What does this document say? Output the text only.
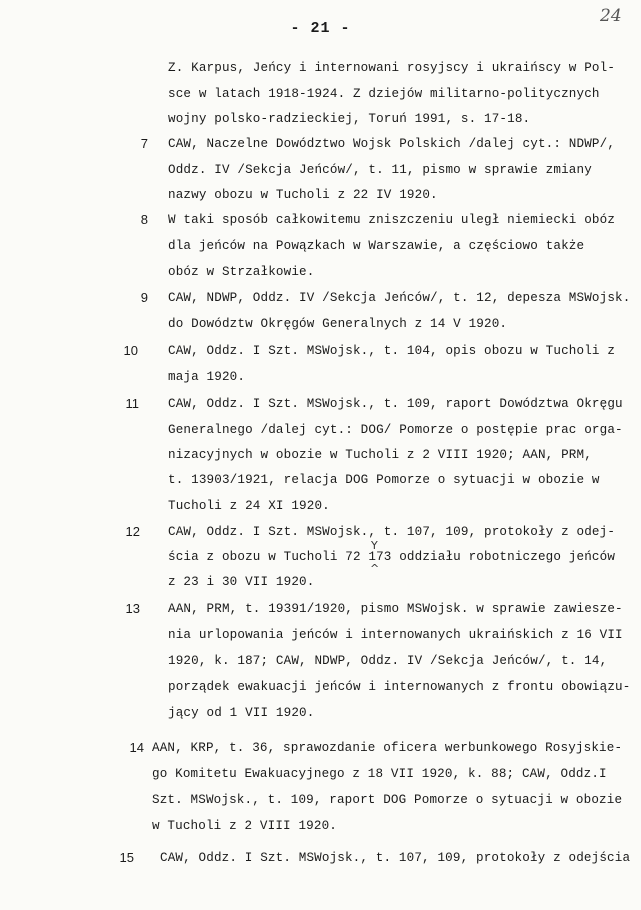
- 21 -
24
Z. Karpus, Jeńcy i internowani rosyjscy i ukraińscy w Pol-
sce w latach 1918-1924. Z dziejów militarno-politycznych
wojny polsko-radzieckiej, Toruń 1991, s. 17-18.
7 CAW, Naczelne Dowództwo Wojsk Polskich /dalej cyt.: NDWP/,
Oddz. IV /Sekcja Jeńców/, t. 11, pismo w sprawie zmiany
nazwy obozu w Tucholi z 22 IV 1920.
8 W taki sposób całkowitemu zniszczeniu uległ niemiecki obóz
dla jeńców na Powązkach w Warszawie, a częściowo także
obóz w Strzałkowie.
9 CAW, NDWP, Oddz. IV /Sekcja Jeńców/, t. 12, depesza MSWojsk.
do Dowództw Okręgów Generalnych z 14 V 1920.
10 CAW, Oddz. I Szt. MSWojsk., t. 104, opis obozu w Tucholi z
maja 1920.
11 CAW, Oddz. I Szt. MSWojsk., t. 109, raport Dowództwa Okręgu
Generalnego /dalej cyt.: DOG/ Pomorze o postępie prac orga-
nizacyjnych w obozie w Tucholi z 2 VIII 1920; AAN, PRM,
t. 13903/1921, relacja DOG Pomorze o sytuacji w obozie w
Tucholi z 24 XI 1920.
12 CAW, Oddz. I Szt. MSWojsk., t. 107, 109, protokoły z odej-
ścia z obozu w Tucholi 72 173 oddziału robotniczego jeńców
z 23 i 30 VII 1920.
Y
^
13 AAN, PRM, t. 19391/1920, pismo MSWojsk. w sprawie zawiesze-
nia urlopowania jeńców i internowanych ukraińskich z 16 VII
1920, k. 187; CAW, NDWP, Oddz. IV /Sekcja Jeńców/, t. 14,
porządek ewakuacji jeńców i internowanych z frontu obowiązu-
jący od 1 VII 1920.
14 AAN, KRP, t. 36, sprawozdanie oficera werbunkowego Rosyjskie-
go Komitetu Ewakuacyjnego z 18 VII 1920, k. 88; CAW, Oddz.I
Szt. MSWojsk., t. 109, raport DOG Pomorze o sytuacji w obozie
w Tucholi z 2 VIII 1920.
15 CAW, Oddz. I Szt. MSWojsk., t. 107, 109, protokoły z odejścia
